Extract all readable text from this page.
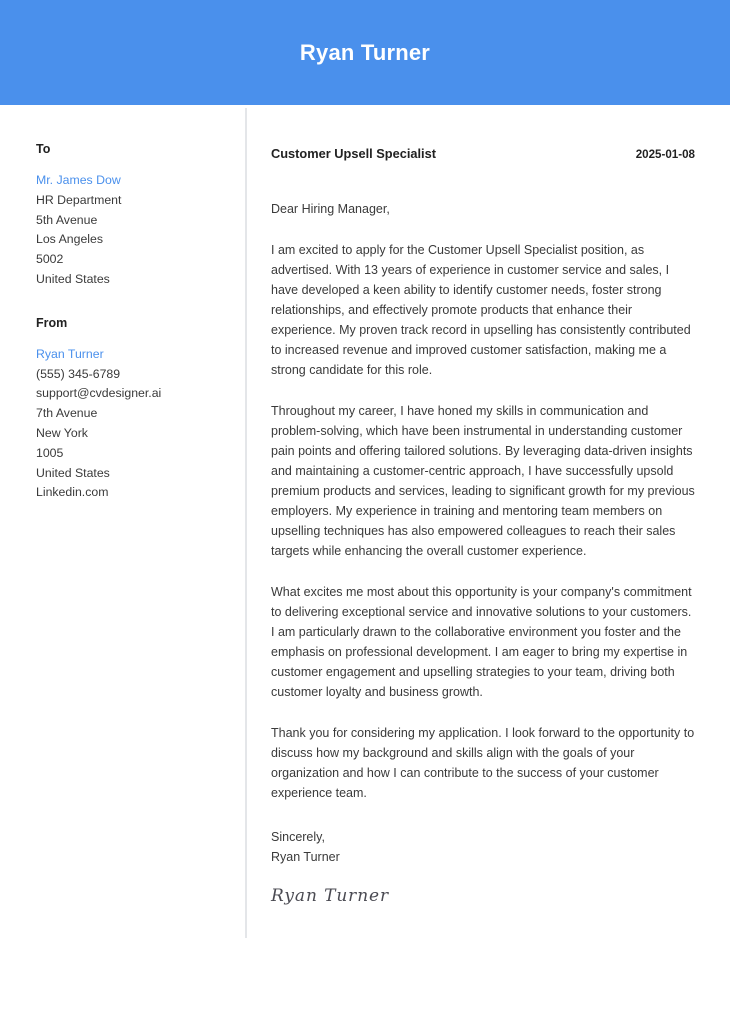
Ryan Turner
To
Mr. James Dow
HR Department
5th Avenue
Los Angeles
5002
United States
From
Ryan Turner
(555) 345-6789
support@cvdesigner.ai
7th Avenue
New York
1005
United States
Linkedin.com
Customer Upsell Specialist	2025-01-08
Dear Hiring Manager,
I am excited to apply for the Customer Upsell Specialist position, as advertised. With 13 years of experience in customer service and sales, I have developed a keen ability to identify customer needs, foster strong relationships, and effectively promote products that enhance their experience. My proven track record in upselling has consistently contributed to increased revenue and improved customer satisfaction, making me a strong candidate for this role.
Throughout my career, I have honed my skills in communication and problem-solving, which have been instrumental in understanding customer pain points and offering tailored solutions. By leveraging data-driven insights and maintaining a customer-centric approach, I have successfully upsold premium products and services, leading to significant growth for my previous employers. My experience in training and mentoring team members on upselling techniques has also empowered colleagues to reach their sales targets while enhancing the overall customer experience.
What excites me most about this opportunity is your company's commitment to delivering exceptional service and innovative solutions to your customers. I am particularly drawn to the collaborative environment you foster and the emphasis on professional development. I am eager to bring my expertise in customer engagement and upselling strategies to your team, driving both customer loyalty and business growth.
Thank you for considering my application. I look forward to the opportunity to discuss how my background and skills align with the goals of your organization and how I can contribute to the success of your customer experience team.
Sincerely,
Ryan Turner
Ryan Turner
